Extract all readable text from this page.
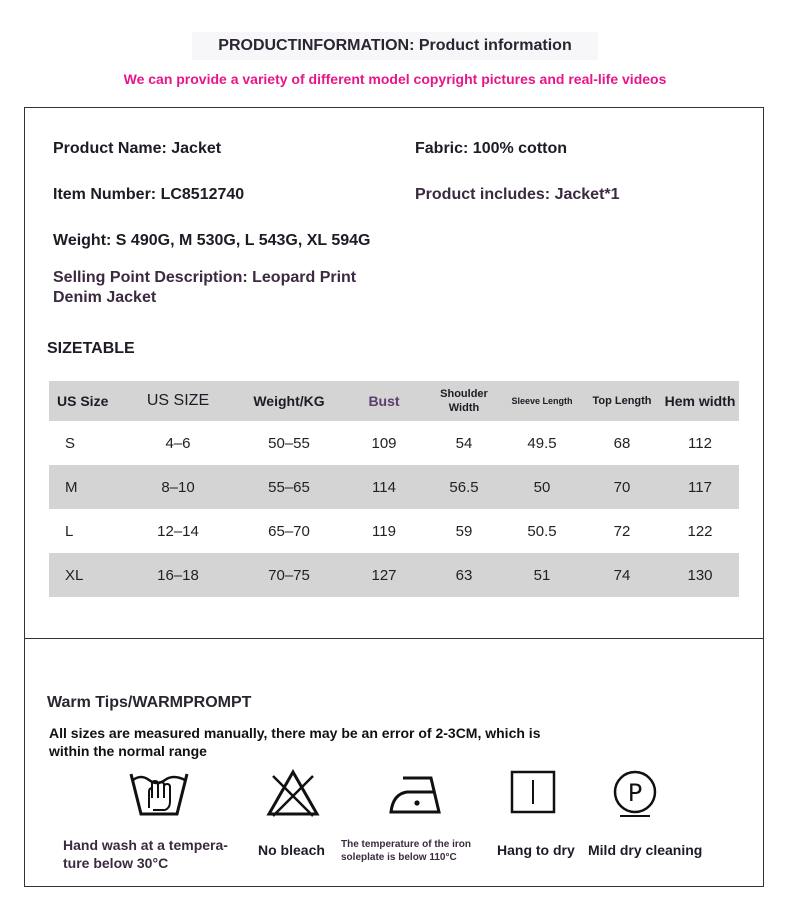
PRODUCTINFORMATION: Product information
We can provide a variety of different model copyright pictures and real-life videos
Product Name: Jacket	Fabric: 100% cotton
Item Number: LC8512740	Product includes: Jacket*1
Weight: S 490G, M 530G, L 543G, XL 594G
Selling Point Description: Leopard Print Denim Jacket
SIZETABLE
US Size	US SIZE	Weight/KG	Bust	Shoulder Width	Sleeve Length	Top Length	Hem width
S	4–6	50–55	109	54	49.5	68	112
M	8–10	55–65	114	56.5	50	70	117
L	12–14	65–70	119	59	50.5	72	122
XL	16–18	70–75	127	63	51	74	130
Warm Tips/WARMPROMPT
All sizes are measured manually, there may be an error of 2-3CM, which is within the normal range
Hand wash at a tempera-ture below 30°C
No bleach	The temperature of the iron soleplate is below 110°C	Hang to dry
P
Mild dry cleaning
